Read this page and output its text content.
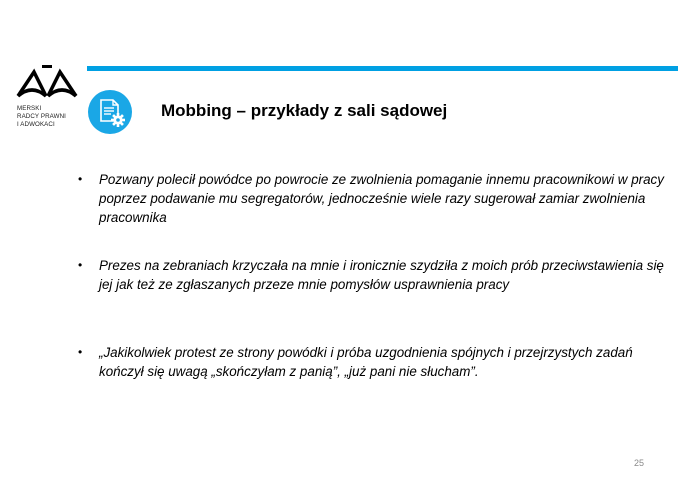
MERSKI
RADCY PRAWNI
I ADWOKACI
Mobbing – przykłady z sali sądowej
•	Pozwany polecił powódce po powrocie ze zwolnienia pomaganie innemu pracownikowi w pracy poprzez podawanie mu segregatorów, jednocześnie wiele razy sugerował zamiar zwolnienia pracownika
•	Prezes na zebraniach krzyczała na mnie i ironicznie szydziła z moich prób przeciwstawienia się jej jak też ze zgłaszanych przeze mnie pomysłów usprawnienia pracy
•	„Jakikolwiek protest ze strony powódki i próba uzgodnienia spójnych i przejrzystych zadań kończył się uwagą „skończyłam z panią”, „już pani nie słucham”.
25
